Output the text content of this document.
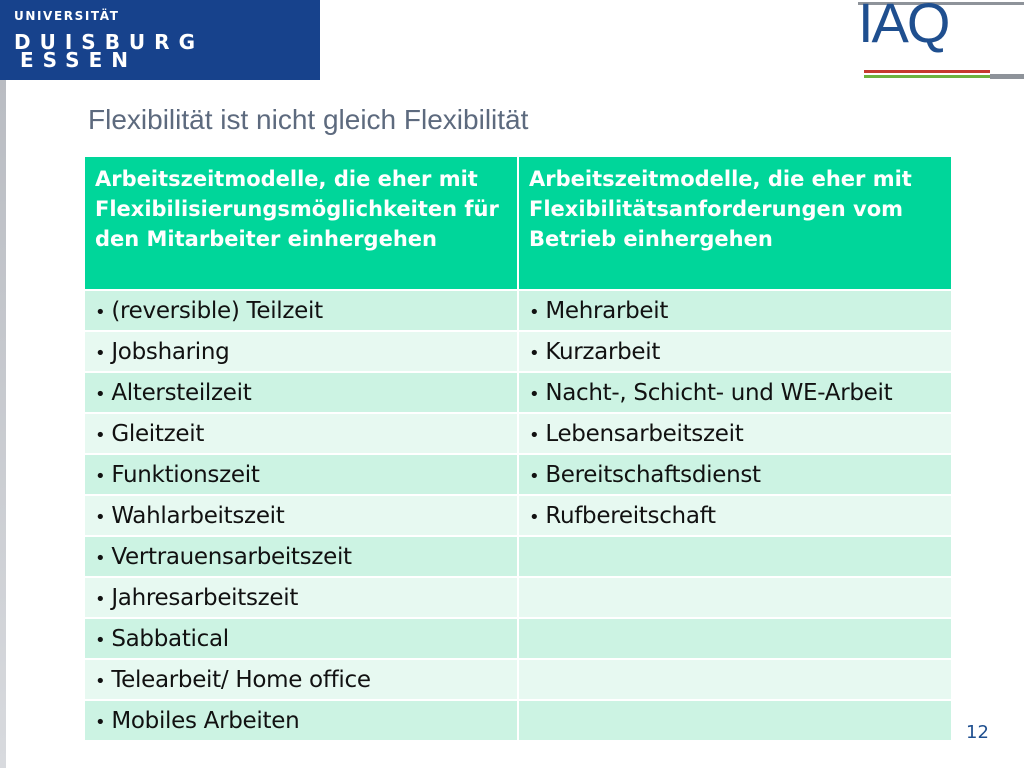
UNIVERSITÄT
DUISBURG
ESSEN
IAQ
Flexibilität ist nicht gleich Flexibilität
Arbeitszeitmodelle, die eher mit Flexibilisierungsmöglichkeiten für den Mitarbeiter einhergehen	Arbeitszeitmodelle, die eher mit Flexibilitätsanforderungen vom Betrieb einhergehen
• (reversible) Teilzeit	• Mehrarbeit
• Jobsharing	• Kurzarbeit
• Altersteilzeit	• Nacht-, Schicht- und WE-Arbeit
• Gleitzeit	• Lebensarbeitszeit
• Funktionszeit	• Bereitschaftsdienst
• Wahlarbeitszeit	• Rufbereitschaft
• Vertrauensarbeitszeit	
• Jahresarbeitszeit	
• Sabbatical	
• Telearbeit/ Home office	
• Mobiles Arbeiten		12
